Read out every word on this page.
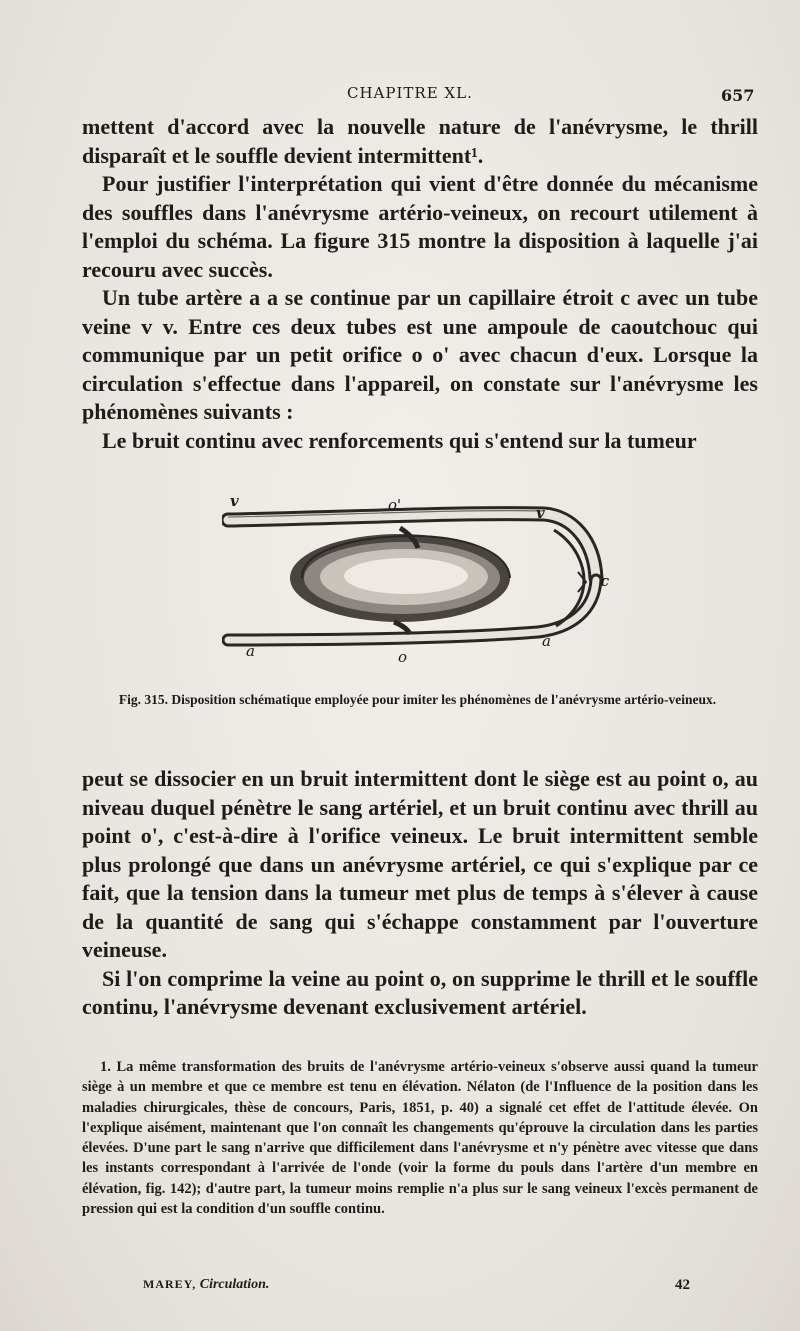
CHAPITRE XL.	657

mettent d'accord avec la nouvelle nature de l'anévrysme, le thrill disparaît et le souffle devient intermittent¹.

Pour justifier l'interprétation qui vient d'être donnée du mécanisme des souffles dans l'anévrysme artério-veineux, on recourt utilement à l'emploi du schéma. La figure 315 montre la disposition à laquelle j'ai recouru avec succès.

Un tube artère a a se continue par un capillaire étroit c avec un tube veine v v. Entre ces deux tubes est une ampoule de caoutchouc qui communique par un petit orifice o o' avec chacun d'eux. Lorsque la circulation s'effectue dans l'appareil, on constate sur l'anévrysme les phénomènes suivants :

Le bruit continu avec renforcements qui s'entend sur la tumeur

v	o'	v
c
a	o
a
Fig. 315. Disposition schématique employée pour imiter les phénomènes de l'anévrysme artério-veineux.

peut se dissocier en un bruit intermittent dont le siège est au point o, au niveau duquel pénètre le sang artériel, et un bruit continu avec thrill au point o', c'est-à-dire à l'orifice veineux. Le bruit intermittent semble plus prolongé que dans un anévrysme artériel, ce qui s'explique par ce fait, que la tension dans la tumeur met plus de temps à s'élever à cause de la quantité de sang qui s'échappe constamment par l'ouverture veineuse.

Si l'on comprime la veine au point o, on supprime le thrill et le souffle continu, l'anévrysme devenant exclusivement artériel.

1. La même transformation des bruits de l'anévrysme artério-veineux s'observe aussi quand la tumeur siège à un membre et que ce membre est tenu en élévation. Nélaton (de l'Influence de la position dans les maladies chirurgicales, thèse de concours, Paris, 1851, p. 40) a signalé cet effet de l'attitude élevée. On l'explique aisément, maintenant que l'on connaît les changements qu'éprouve la circulation dans les parties élevées. D'une part le sang n'arrive que difficilement dans l'anévrysme et n'y pénètre avec vitesse que dans les instants correspondant à l'arrivée de l'onde (voir la forme du pouls dans l'artère d'un membre en élévation, fig. 142); d'autre part, la tumeur moins remplie n'a plus sur le sang veineux l'excès permanent de pression qui est la condition d'un souffle continu.

MAREY, Circulation.	42
